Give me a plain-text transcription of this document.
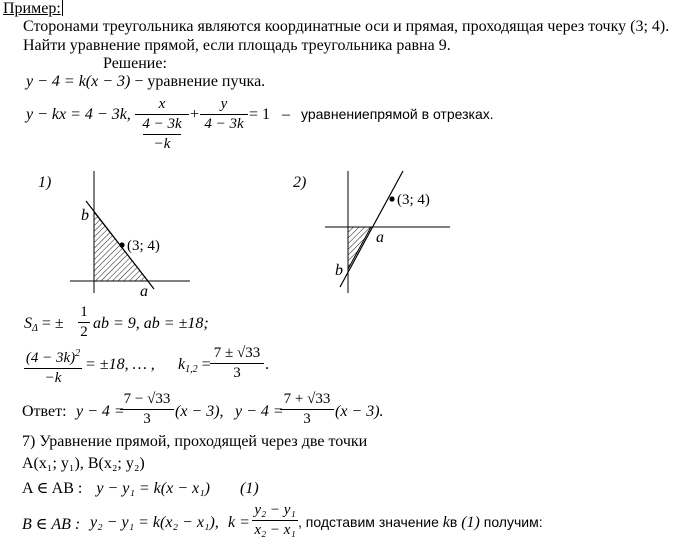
Пример:
Сторонами треугольника являются координатные оси и прямая, проходящая через точку (3; 4).
Найти уравнение прямой, если площадь треугольника равна 9.
Решение:
y − 4 = k(x − 3) − уравнение пучка.
y − kx = 4 − 3k,
x
4 − 3k
−k
+
y
4 − 3k
= 1 – уравнениепрямой в отрезках.
1)
(3; 4)
b
a
2)
(3; 4)
b
a
$S_\Delta$ = ±
1
2 ab = 9, ab = ±18;
$(4 - 3k)^2$
−k
= ±18, … , $k_{1,2}$ =
7 ± √33
3	.
Ответ: y − 4 =
7 − √33
3	(x − 3), y − 4 =
7 + √33
3	(x − 3).
7) Уравнение прямой, проходящей через две точки
A(x₁; y₁), B(x₂; y₂)
A ∈ AB : y − y₁ = k(x − x₁) (1)
B ∈ AB : y₂ − y₁ = k(x₂ − x₁), k =
y₂ − y₁
x₂ − x₁ , подставим значение kв (1) получим:
